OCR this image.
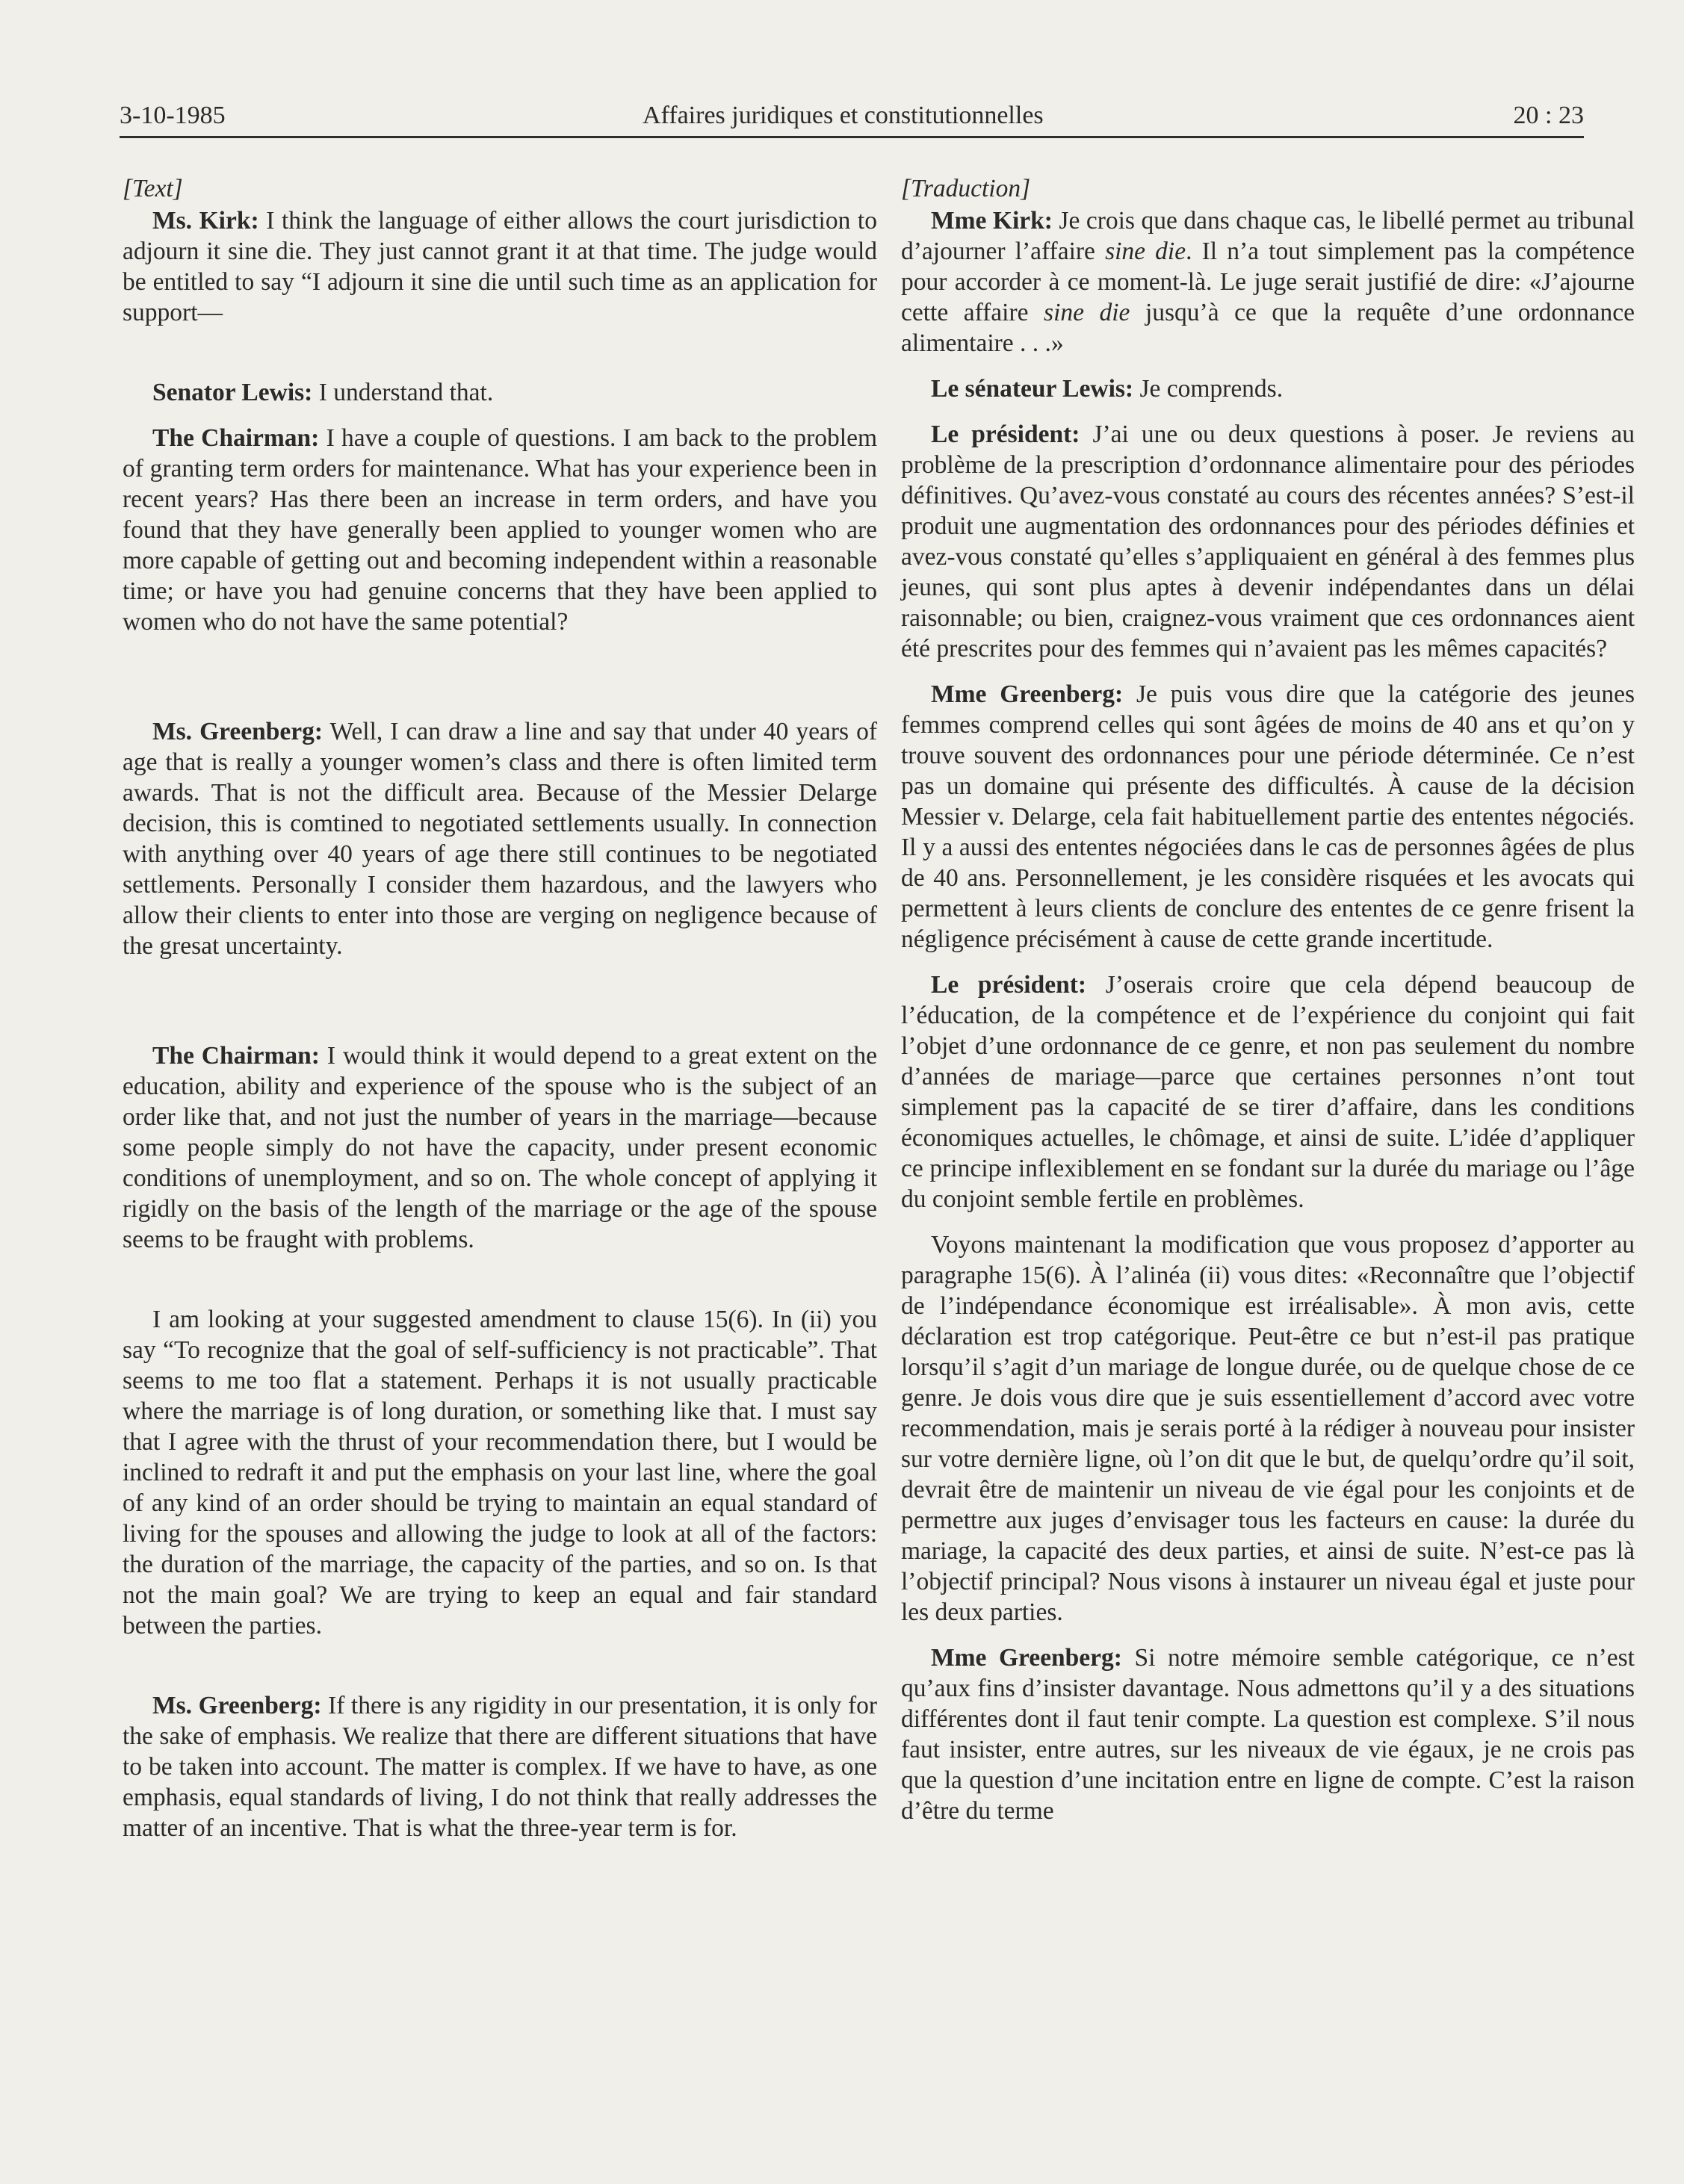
3-10-1985	Affaires juridiques et constitutionnelles	20 : 23
[Text]

Ms. Kirk: I think the language of either allows the court jurisdiction to adjourn it sine die. They just cannot grant it at that time. The judge would be entitled to say “I adjourn it sine die until such time as an application for support—

Senator Lewis: I understand that.

The Chairman: I have a couple of questions. I am back to the problem of granting term orders for maintenance. What has your experience been in recent years? Has there been an increase in term orders, and have you found that they have generally been applied to younger women who are more capable of getting out and becoming independent within a reasonable time; or have you had genuine concerns that they have been applied to women who do not have the same potential?

Ms. Greenberg: Well, I can draw a line and say that under 40 years of age that is really a younger women’s class and there is often limited term awards. That is not the difficult area. Because of the Messier Delarge decision, this is comtined to negotiated settlements usually. In connection with anything over 40 years of age there still continues to be negotiated settlements. Personally I consider them hazardous, and the lawyers who allow their clients to enter into those are verging on negligence because of the gresat uncertainty.

The Chairman: I would think it would depend to a great extent on the education, ability and experience of the spouse who is the subject of an order like that, and not just the number of years in the marriage—because some people simply do not have the capacity, under present economic conditions of unemployment, and so on. The whole concept of applying it rigidly on the basis of the length of the marriage or the age of the spouse seems to be fraught with problems.

I am looking at your suggested amendment to clause 15(6). In (ii) you say “To recognize that the goal of self-sufficiency is not practicable”. That seems to me too flat a statement. Perhaps it is not usually practicable where the marriage is of long duration, or something like that. I must say that I agree with the thrust of your recommendation there, but I would be inclined to redraft it and put the emphasis on your last line, where the goal of any kind of an order should be trying to maintain an equal standard of living for the spouses and allowing the judge to look at all of the factors: the duration of the marriage, the capacity of the parties, and so on. Is that not the main goal? We are trying to keep an equal and fair standard between the parties.

Ms. Greenberg: If there is any rigidity in our presentation, it is only for the sake of emphasis. We realize that there are different situations that have to be taken into account. The matter is complex. If we have to have, as one emphasis, equal standards of living, I do not think that really addresses the matter of an incentive. That is what the three-year term is for.

[Traduction]

Mme Kirk: Je crois que dans chaque cas, le libellé permet au tribunal d’ajourner l’affaire sine die. Il n’a tout simplement pas la compétence pour accorder à ce moment-là. Le juge serait justifié de dire: «J’ajourne cette affaire sine die jusqu’à ce que la requête d’une ordonnance alimentaire . . .»

Le sénateur Lewis: Je comprends.

Le président: J’ai une ou deux questions à poser. Je reviens au problème de la prescription d’ordonnance alimentaire pour des périodes définitives. Qu’avez-vous constaté au cours des récentes années? S’est-il produit une augmentation des ordonnances pour des périodes définies et avez-vous constaté qu’elles s’appliquaient en général à des femmes plus jeunes, qui sont plus aptes à devenir indépendantes dans un délai raisonnable; ou bien, craignez-vous vraiment que ces ordonnances aient été prescrites pour des femmes qui n’avaient pas les mêmes capacités?

Mme Greenberg: Je puis vous dire que la catégorie des jeunes femmes comprend celles qui sont âgées de moins de 40 ans et qu’on y trouve souvent des ordonnances pour une période déterminée. Ce n’est pas un domaine qui présente des difficultés. À cause de la décision Messier v. Delarge, cela fait habituellement partie des ententes négociés. Il y a aussi des ententes négociées dans le cas de personnes âgées de plus de 40 ans. Personnellement, je les considère risquées et les avocats qui permettent à leurs clients de conclure des ententes de ce genre frisent la négligence précisément à cause de cette grande incertitude.

Le président: J’oserais croire que cela dépend beaucoup de l’éducation, de la compétence et de l’expérience du conjoint qui fait l’objet d’une ordonnance de ce genre, et non pas seulement du nombre d’années de mariage—parce que certaines personnes n’ont tout simplement pas la capacité de se tirer d’affaire, dans les conditions économiques actuelles, le chômage, et ainsi de suite. L’idée d’appliquer ce principe inflexiblement en se fondant sur la durée du mariage ou l’âge du conjoint semble fertile en problèmes.

Voyons maintenant la modification que vous proposez d’apporter au paragraphe 15(6). À l’alinéa (ii) vous dites: «Reconnaître que l’objectif de l’indépendance économique est irréalisable». À mon avis, cette déclaration est trop catégorique. Peut-être ce but n’est-il pas pratique lorsqu’il s’agit d’un mariage de longue durée, ou de quelque chose de ce genre. Je dois vous dire que je suis essentiellement d’accord avec votre recommendation, mais je serais porté à la rédiger à nouveau pour insister sur votre dernière ligne, où l’on dit que le but, de quelqu’ordre qu’il soit, devrait être de maintenir un niveau de vie égal pour les conjoints et de permettre aux juges d’envisager tous les facteurs en cause: la durée du mariage, la capacité des deux parties, et ainsi de suite. N’est-ce pas là l’objectif principal? Nous visons à instaurer un niveau égal et juste pour les deux parties.

Mme Greenberg: Si notre mémoire semble catégorique, ce n’est qu’aux fins d’insister davantage. Nous admettons qu’il y a des situations différentes dont il faut tenir compte. La question est complexe. S’il nous faut insister, entre autres, sur les niveaux de vie égaux, je ne crois pas que la question d’une incitation entre en ligne de compte. C’est la raison d’être du terme
